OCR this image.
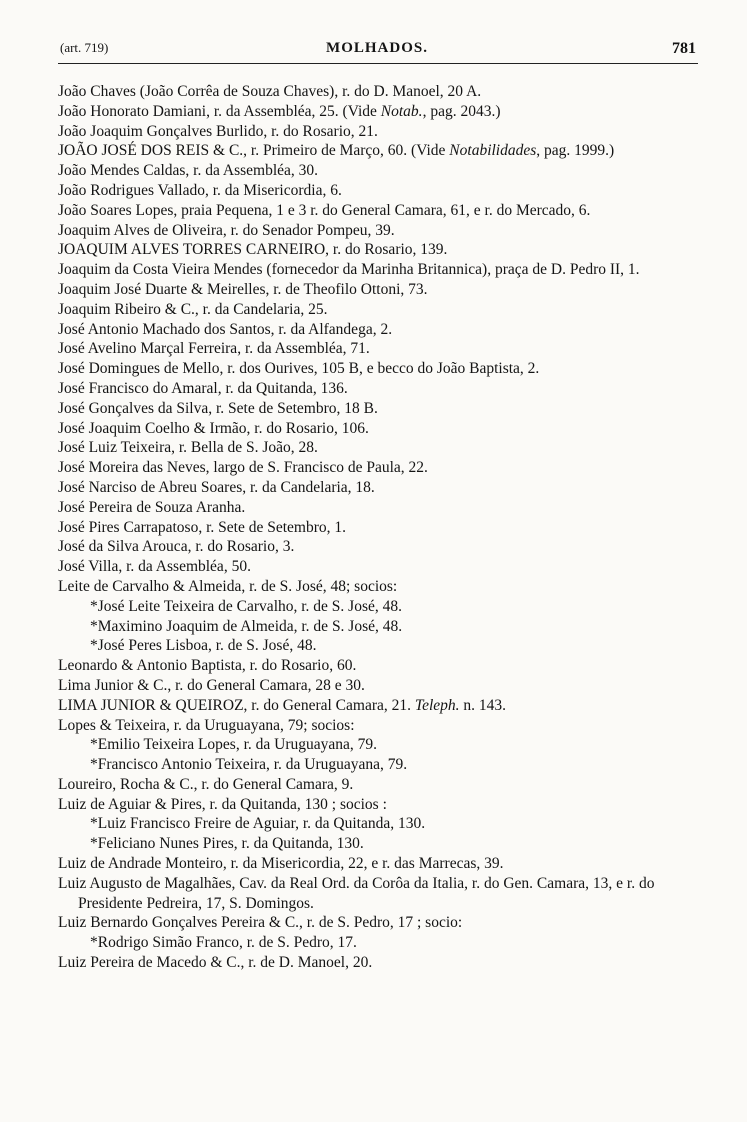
(art. 719)	MOLHADOS.	781
João Chaves (João Corrêa de Souza Chaves), r. do D. Manoel, 20 A.
João Honorato Damiani, r. da Assembléa, 25. (Vide Notab., pag. 2043.)
João Joaquim Gonçalves Burlido, r. do Rosario, 21.
JOÃO JOSÉ DOS REIS & C., r. Primeiro de Março, 60. (Vide Notabilidades, pag. 1999.)
João Mendes Caldas, r. da Assembléa, 30.
João Rodrigues Vallado, r. da Misericordia, 6.
João Soares Lopes, praia Pequena, 1 e 3 r. do General Camara, 61, e r. do Mercado, 6.
Joaquim Alves de Oliveira, r. do Senador Pompeu, 39.
JOAQUIM ALVES TORRES CARNEIRO, r. do Rosario, 139.
Joaquim da Costa Vieira Mendes (fornecedor da Marinha Britannica), praça de D. Pedro II, 1.
Joaquim José Duarte & Meirelles, r. de Theofilo Ottoni, 73.
Joaquim Ribeiro & C., r. da Candelaria, 25.
José Antonio Machado dos Santos, r. da Alfandega, 2.
José Avelino Marçal Ferreira, r. da Assembléa, 71.
José Domingues de Mello, r. dos Ourives, 105 B, e becco do João Baptista, 2.
José Francisco do Amaral, r. da Quitanda, 136.
José Gonçalves da Silva, r. Sete de Setembro, 18 B.
José Joaquim Coelho & Irmão, r. do Rosario, 106.
José Luiz Teixeira, r. Bella de S. João, 28.
José Moreira das Neves, largo de S. Francisco de Paula, 22.
José Narciso de Abreu Soares, r. da Candelaria, 18.
José Pereira de Souza Aranha.
José Pires Carrapatoso, r. Sete de Setembro, 1.
José da Silva Arouca, r. do Rosario, 3.
José Villa, r. da Assembléa, 50.
Leite de Carvalho & Almeida, r. de S. José, 48; socios:
*José Leite Teixeira de Carvalho, r. de S. José, 48.
*Maximino Joaquim de Almeida, r. de S. José, 48.
*José Peres Lisboa, r. de S. José, 48.
Leonardo & Antonio Baptista, r. do Rosario, 60.
Lima Junior & C., r. do General Camara, 28 e 30.
LIMA JUNIOR & QUEIROZ, r. do General Camara, 21. Teleph. n. 143.
Lopes & Teixeira, r. da Uruguayana, 79; socios:
*Emilio Teixeira Lopes, r. da Uruguayana, 79.
*Francisco Antonio Teixeira, r. da Uruguayana, 79.
Loureiro, Rocha & C., r. do General Camara, 9.
Luiz de Aguiar & Pires, r. da Quitanda, 130 ; socios :
*Luiz Francisco Freire de Aguiar, r. da Quitanda, 130.
*Feliciano Nunes Pires, r. da Quitanda, 130.
Luiz de Andrade Monteiro, r. da Misericordia, 22, e r. das Marrecas, 39.
Luiz Augusto de Magalhães, Cav. da Real Ord. da Corôa da Italia, r. do Gen. Camara, 13, e r. do Presidente Pedreira, 17, S. Domingos.
Luiz Bernardo Gonçalves Pereira & C., r. de S. Pedro, 17 ; socio:
*Rodrigo Simão Franco, r. de S. Pedro, 17.
Luiz Pereira de Macedo & C., r. de D. Manoel, 20.
